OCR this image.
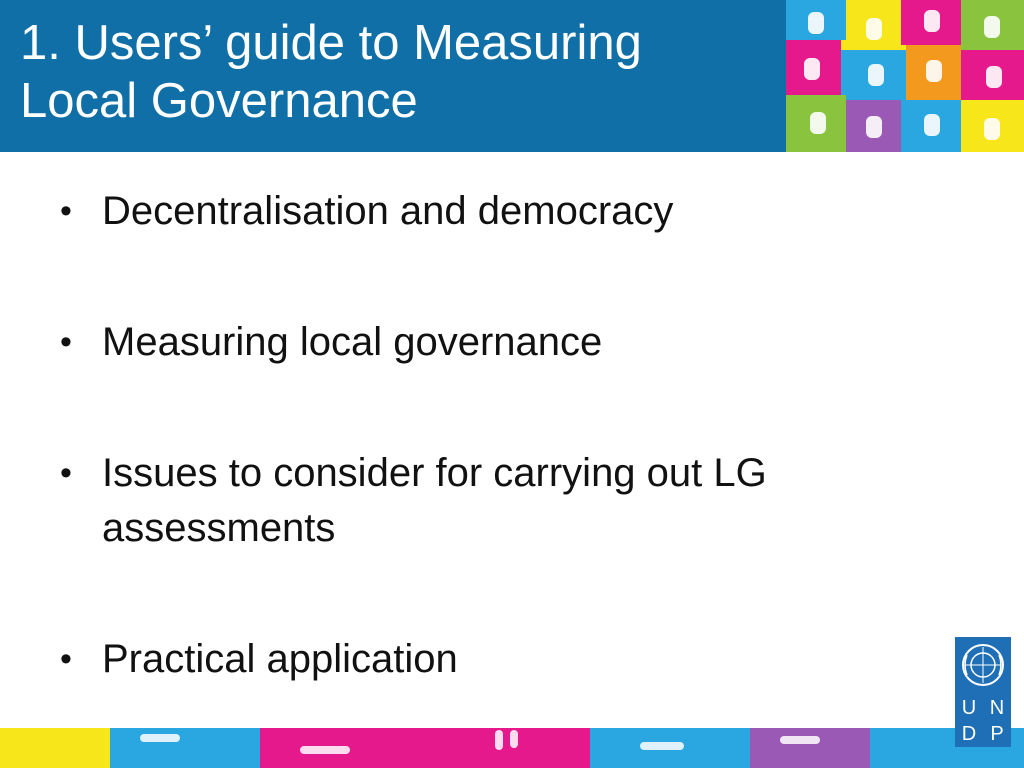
1. Users’ guide to Measuring
Local Governance
• Decentralisation and democracy
• Measuring local governance
• Issues to consider for carrying out LG assessments
• Practical application
U N
D P
